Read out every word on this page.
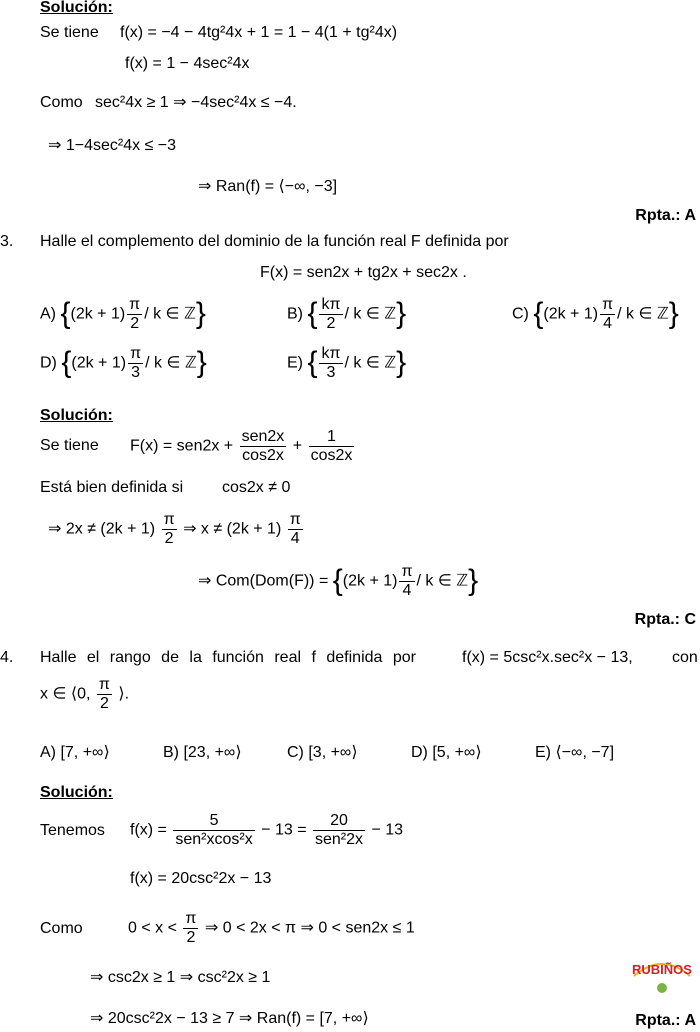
Solución:
Se tiene f(x) = −4 − 4tg²4x + 1 = 1 − 4(1 + tg²4x)
f(x) = 1 − 4sec²4x
Como sec²4x ≥ 1 ⇒ −4sec²4x ≤ −4.
⇒ 1−4sec²4x ≤ −3
⇒ Ran(f) = ⟨−∞, −3]
Rpta.: A
3. Halle el complemento del dominio de la función real F definida por
F(x) = sen2x + tg2x + sec2x .
A) {$(2k + 1) \frac{\pi}{2} / k$ ∈ ℤ}	B) { $\frac{k\pi}{2}$ / k ∈ ℤ}	C) {$(2k + 1) \frac{\pi}{4} / k$ ∈ ℤ}
D) {$(2k + 1) \frac{\pi}{3} / k$ ∈ ℤ}	E) { $\frac{k\pi}{3}$ / k ∈ ℤ}
Solución:
Se tiene $F(x) = sen2x + \frac{\text{sen2x}}{\cos 2x} + \frac{1}{\cos 2x}$
Está bien definida si cos2x ≠ 0
⇒ $2x \ne (2k + 1) \frac{\pi}{2}$ ⇒ $x \ne (2k + 1) \frac{\pi}{4}$
⇒ $Com(Dom(F)) = \{(2k + 1) \frac{\pi}{4} / k$ ∈ ℤ}
Rpta.: C
4. Halle el rango de la función real f definida por	f(x) = 5csc²x.sec²x − 13, con
x ∈ ⟨0, $\frac{\pi}{2}$ ⟩.
A) [7, +∞⟩	B) [23, +∞⟩	C) [3, +∞⟩	D) [5, +∞⟩	E) ⟨−∞, −7]
Solución:
Tenemos $f(x) = \frac{5}{\text{sen²xcos²x}} - 13 = \frac{20}{\text{sen²2x}} - 13$
f(x) = 20csc²2x − 13
Como	$0 < x < \frac{\pi}{2}$ ⇒ 0 < 2x < π ⇒ 0 < sen2x ≤ 1
⇒ csc2x ≥ 1 ⇒ csc²2x ≥ 1
⇒ 20csc²2x − 13 ≥ 7 ⇒ Ran(f) = [7, +∞⟩	Rpta.: A
RUBIÑOS
